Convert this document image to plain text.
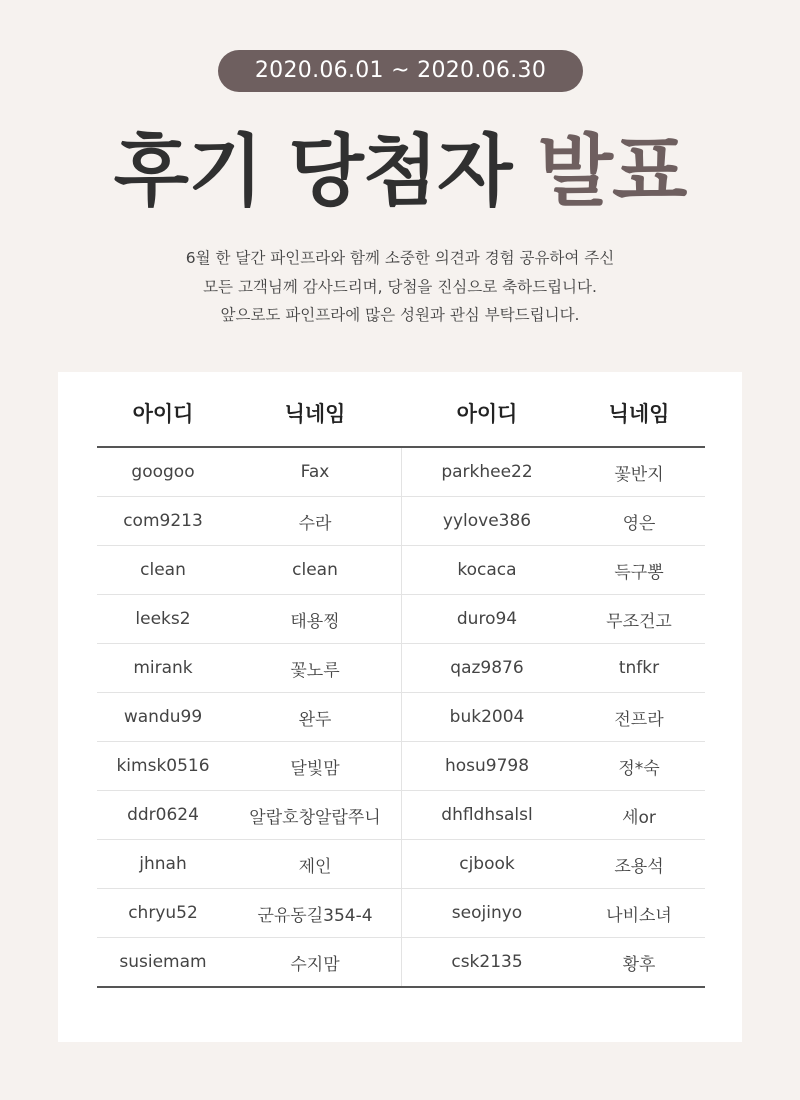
2020.06.01 ~ 2020.06.30
후기 당첨자 발표

6월 한 달간 파인프라와 함께 소중한 의견과 경험 공유하여 주신

모든 고객님께 감사드리며, 당첨을 진심으로 축하드립니다.

앞으로도 파인프라에 많은 성원과 관심 부탁드립니다.

아이디	닉네임	아이디	닉네임
googoo	Fax	parkhee22	꽃반지
com9213	수라	yylove386	영은
clean	clean	kocaca	득구뽕
leeks2	태용찡	duro94	무조건고
mirank	꽃노루	qaz9876	tnfkr
wandu99	완두	buk2004	전프라
kimsk0516	달빛맘	hosu9798	정*숙
ddr0624	알랍호창알랍쭈니	dhfldhsalsl	세or
jhnah	제인	cjbook	조용석
chryu52	군유동길354-4	seojinyo	나비소녀
susiemam	수지맘	csk2135	황후
